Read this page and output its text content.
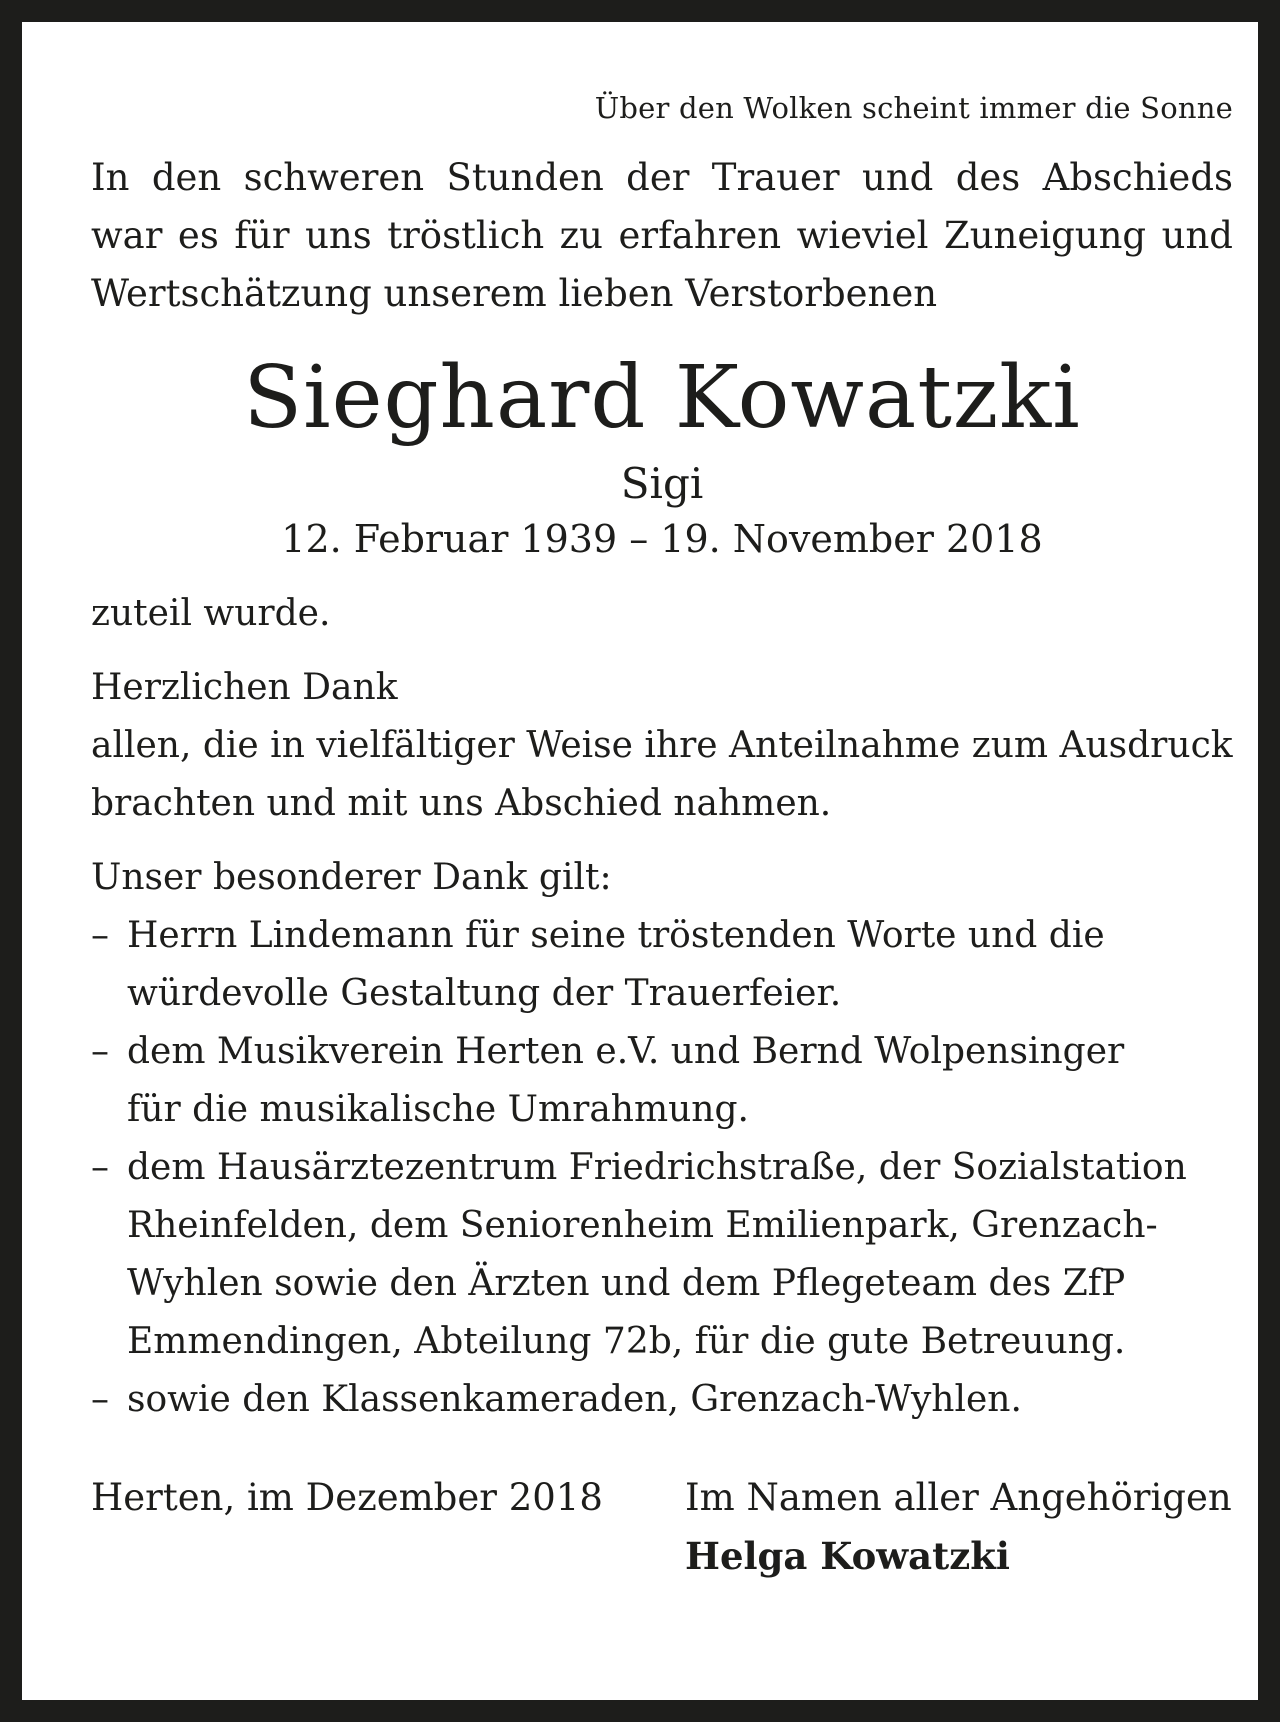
Über den Wolken scheint immer die Sonne
In den schweren Stunden der Trauer und des Abschieds
war es für uns tröstlich zu erfahren wieviel Zuneigung und
Wertschätzung unserem lieben Verstorbenen
Sieghard Kowatzki
Sigi
12. Februar 1939 – 19. November 2018
zuteil wurde.
Herzlichen Dank
allen, die in vielfältiger Weise ihre Anteilnahme zum Ausdruck
brachten und mit uns Abschied nahmen.
Unser besonderer Dank gilt:
– Herrn Lindemann für seine tröstenden Worte und die
würdevolle Gestaltung der Trauerfeier.
– dem Musikverein Herten e.V. und Bernd Wolpensinger
für die musikalische Umrahmung.
– dem Hausärztezentrum Friedrichstraße, der Sozialstation
Rheinfelden, dem Seniorenheim Emilienpark, Grenzach-
Wyhlen sowie den Ärzten und dem Pflegeteam des ZfP
Emmendingen, Abteilung 72b, für die gute Betreuung.
– sowie den Klassenkameraden, Grenzach-Wyhlen.
Herten, im Dezember 2018 Im Namen aller Angehörigen
Helga Kowatzki
